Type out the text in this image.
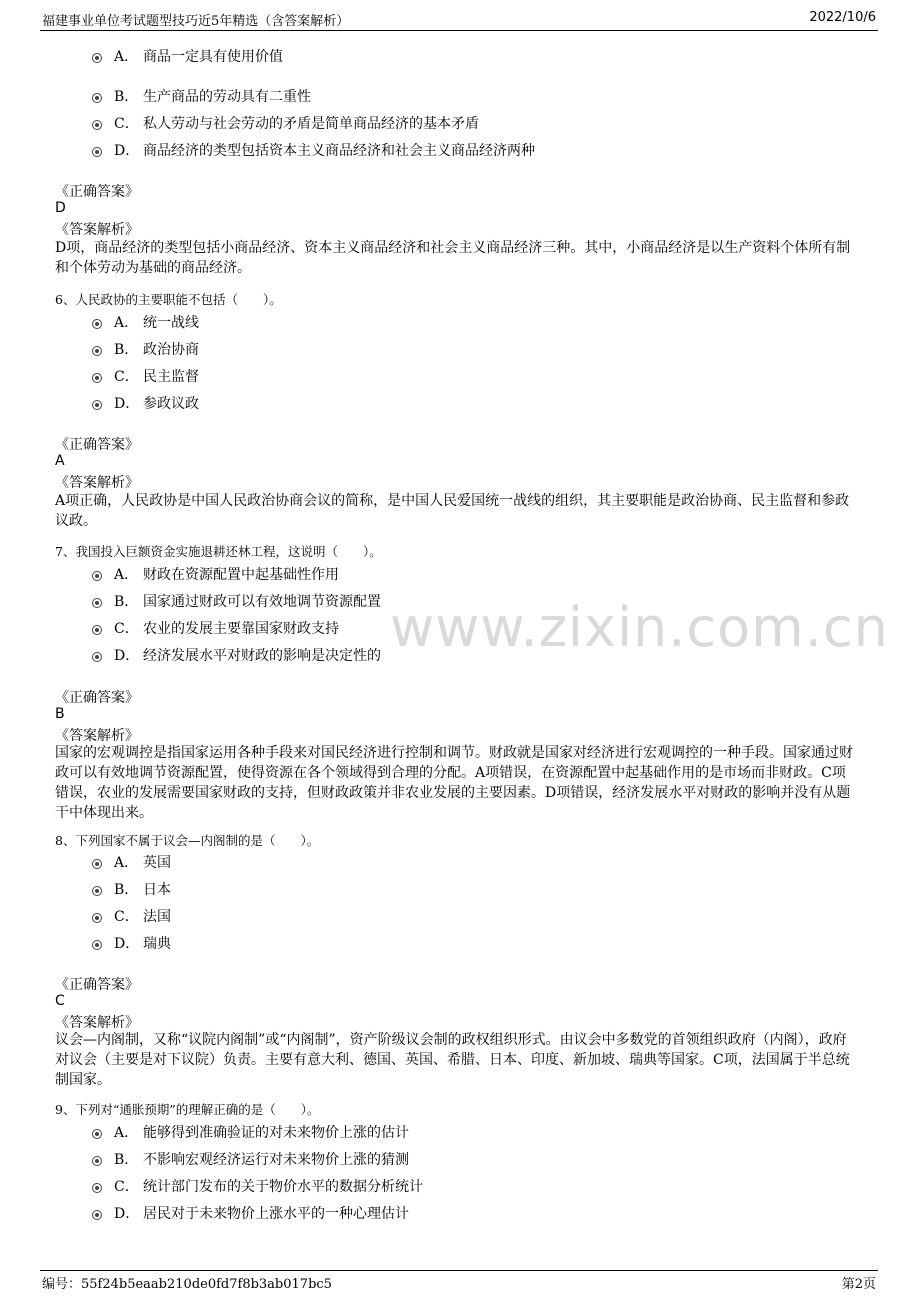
福建事业单位考试题型技巧近5年精选（含答案解析）	2022/10/6
www.zixin.com.cn
A． 商品一定具有使用价值
B． 生产商品的劳动具有二重性
C． 私人劳动与社会劳动的矛盾是简单商品经济的基本矛盾
D． 商品经济的类型包括资本主义商品经济和社会主义商品经济两种
《正确答案》
D
《答案解析》
D项，商品经济的类型包括小商品经济、资本主义商品经济和社会主义商品经济三种。其中，小商品经济是以生产资料个体所有制和个体劳动为基础的商品经济。
6、人民政协的主要职能不包括（　　）。
A． 统一战线
B． 政治协商
C． 民主监督
D． 参政议政
《正确答案》
A
《答案解析》
A项正确，人民政协是中国人民政治协商会议的简称，是中国人民爱国统一战线的组织，其主要职能是政治协商、民主监督和参政议政。
7、我国投入巨额资金实施退耕还林工程，这说明（　　）。
A． 财政在资源配置中起基础性作用
B． 国家通过财政可以有效地调节资源配置
C． 农业的发展主要靠国家财政支持
D． 经济发展水平对财政的影响是决定性的
《正确答案》
B
《答案解析》
国家的宏观调控是指国家运用各种手段来对国民经济进行控制和调节。财政就是国家对经济进行宏观调控的一种手段。国家通过财政可以有效地调节资源配置，使得资源在各个领域得到合理的分配。A项错误，在资源配置中起基础作用的是市场而非财政。C项错误，农业的发展需要国家财政的支持，但财政政策并非农业发展的主要因素。D项错误，经济发展水平对财政的影响并没有从题干中体现出来。
8、下列国家不属于议会—内阁制的是（　　）。
A． 英国
B． 日本
C． 法国
D． 瑞典
《正确答案》
C
《答案解析》
议会—内阁制，又称“议院内阁制”或“内阁制”，资产阶级议会制的政权组织形式。由议会中多数党的首领组织政府（内阁），政府对议会（主要是对下议院）负责。主要有意大利、德国、英国、希腊、日本、印度、新加坡、瑞典等国家。C项，法国属于半总统制国家。
9、下列对“通胀预期”的理解正确的是（　　）。
A． 能够得到准确验证的对未来物价上涨的估计
B． 不影响宏观经济运行对未来物价上涨的猜测
C． 统计部门发布的关于物价水平的数据分析统计
D． 居民对于未来物价上涨水平的一种心理估计
编号：55f24b5eaab210de0fd7f8b3ab017bc5	第2页
